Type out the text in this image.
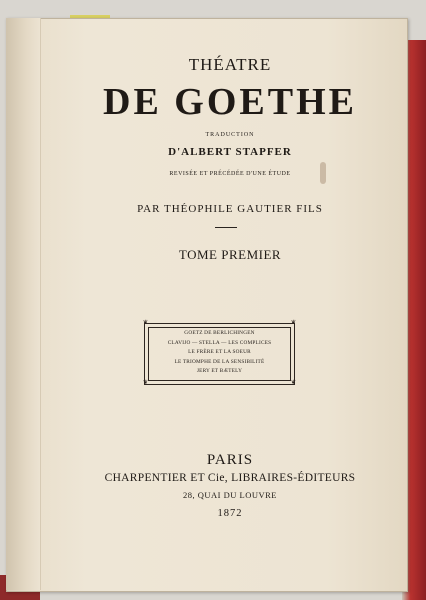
THÉATRE
DE GOETHE
TRADUCTION
D'ALBERT STAPFER
REVISÉE ET PRÉCÉDÉE D'UNE ÉTUDE
PAR THÉOPHILE GAUTIER FILS
TOME PREMIER
❦	❦
❦	❦
GOETZ DE BERLICHINGEN
CLAVIJO — STELLA — LES COMPLICES
LE FRÈRE ET LA SOEUR
LE TRIOMPHE DE LA SENSIBILITÉ
JERY ET BÆTELY
PARIS
CHARPENTIER ET Cie, LIBRAIRES-ÉDITEURS
28, QUAI DU LOUVRE
1872
